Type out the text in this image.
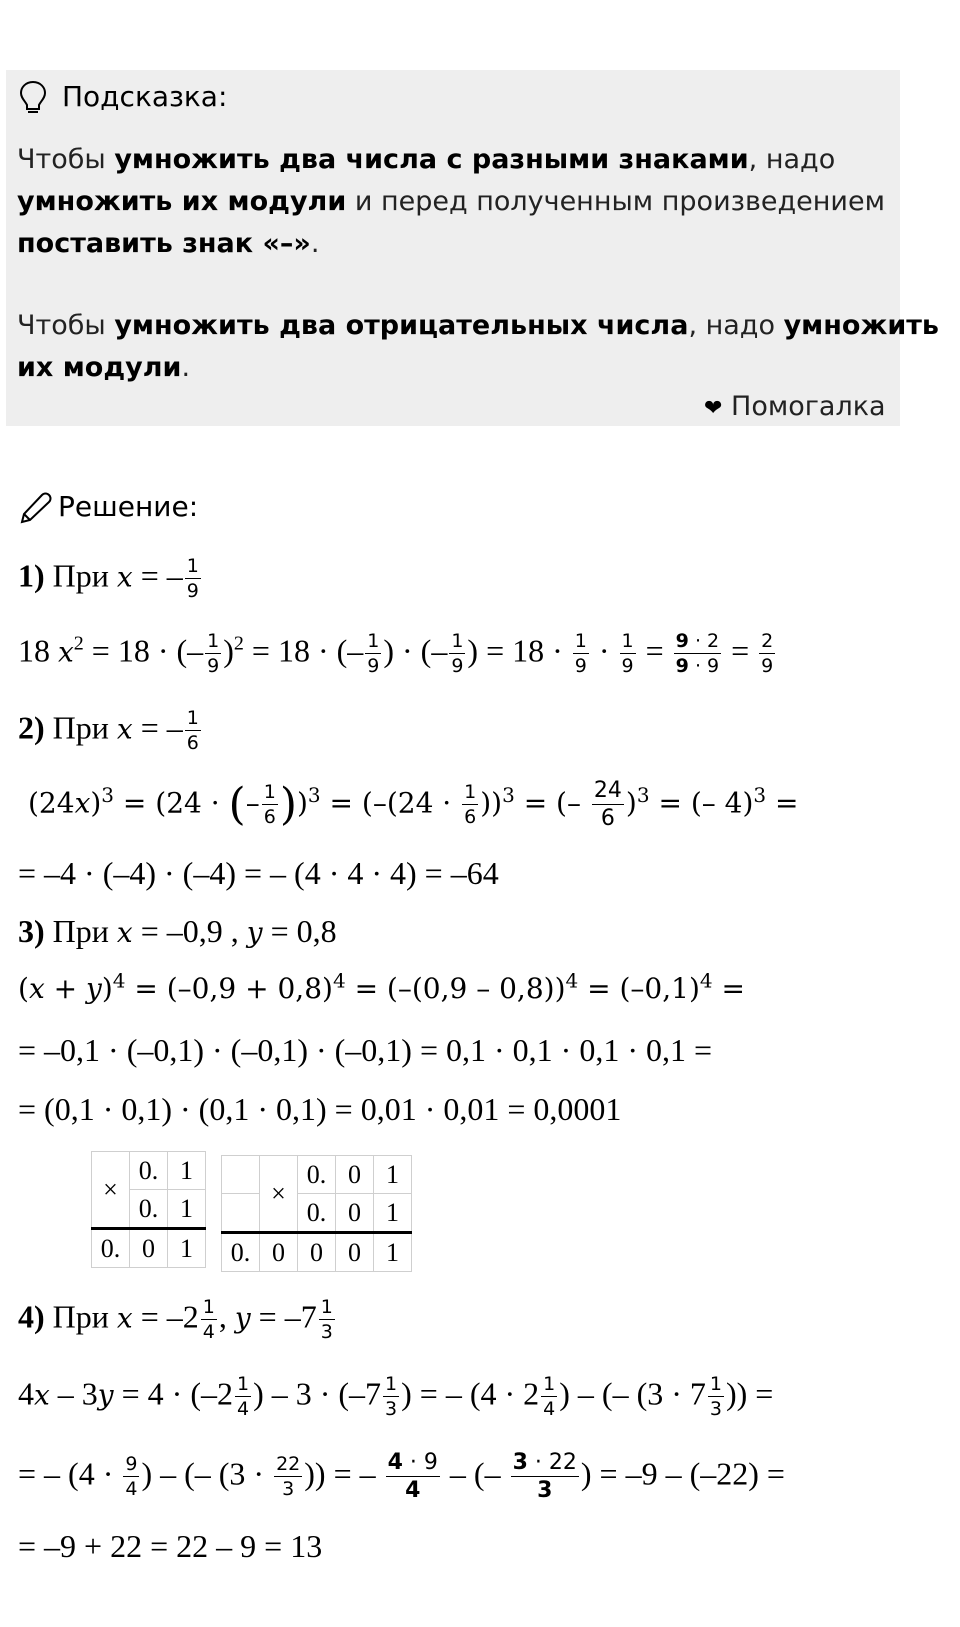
Подсказка:
Чтобы умножить два числа с разными знаками, надо
умножить их модули и перед полученным произведением
поставить знак «–».
Чтобы умножить два отрицательных числа, надо умножить
их модули.
❤ Помогалка
Решение:
1) При x = – $\frac{1}{9}$
18 $x^2 = 18$ · (– $\frac{1}{9} )^2 = 18$ · (– $\frac{1}{9}$ ) · (– $\frac{1}{9}$ ) = $18 \cdot \frac{1}{9} \cdot \frac{1}{9} = \frac{9 \cdot 2}{9 \cdot 9} = \frac{2}{9}$
2) При x = – $\frac{1}{6}$
$(24x)^3 = (24$ · (– $\frac{1}{6} ))^3 = (-(24 \cdot \frac{1}{6} ))^3$ = (– $\frac{24}{6} )^3$ = (– 4)$^3$ =
= –4 · (–4) · (–4) = – (4 · 4 · 4) = –64
3) При x = –0,9 , y = 0,8
$(x + y)^4 = (-0,9 + 0,8)^4 = (-(0,9 - 0,8))^4 = (-0,1)^4$ =
= –0,1 · (–0,1) · (–0,1) · (–0,1) = 0,1 · 0,1 · 0,1 · 0,1 =
= (0,1 · 0,1) · (0,1 · 0,1) = 0,01 · 0,01 = 0,0001
×	0.	1
	0.	1
0.	0	1
	×	0.	0	1
		0.	0	1
0.	0	0	0	1
4) При $x = -2 \frac{1}{4}$ , $y = -7 \frac{1}{3}$
$4x - 3y = 4 \cdot (-2 \frac{1}{4}$ ) – $3 \cdot (-7 \frac{1}{3}$ ) = – ($4 \cdot 2 \frac{1}{4}$ ) – (– ($3 \cdot 7 \frac{1}{3}$ )) =
= – ($4 \cdot \frac{9}{4}$ ) – (– ($3 \cdot \frac{22}{3}$ )) = – $\frac{4 \cdot 9}{4}$ – (– $\frac{3 \cdot 22}{3}$ ) = –9 – (–22) =
= –9 + 22 = 22 – 9 = 13
